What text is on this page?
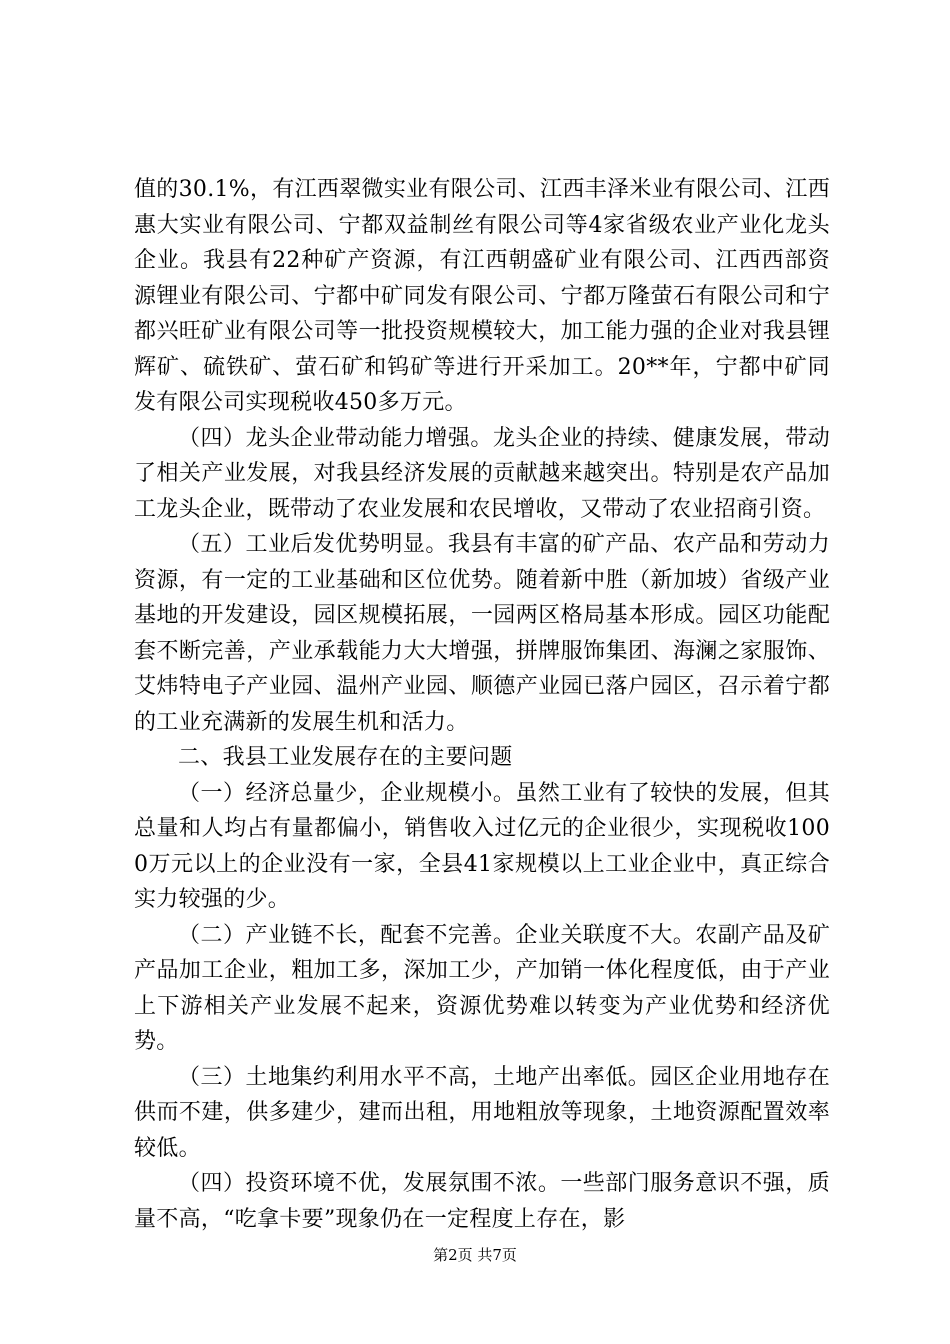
值的30.1%，有江西翠微实业有限公司、江西丰泽米业有限公司、江西惠大实业有限公司、宁都双益制丝有限公司等4家省级农业产业化龙头企业。我县有22种矿产资源，有江西朝盛矿业有限公司、江西西部资源锂业有限公司、宁都中矿同发有限公司、宁都万隆萤石有限公司和宁都兴旺矿业有限公司等一批投资规模较大，加工能力强的企业对我县锂辉矿、硫铁矿、萤石矿和钨矿等进行开采加工。20**年，宁都中矿同发有限公司实现税收450多万元。

（四）龙头企业带动能力增强。龙头企业的持续、健康发展，带动了相关产业发展，对我县经济发展的贡献越来越突出。特别是农产品加工龙头企业，既带动了农业发展和农民增收，又带动了农业招商引资。

（五）工业后发优势明显。我县有丰富的矿产品、农产品和劳动力资源，有一定的工业基础和区位优势。随着新中胜（新加坡）省级产业基地的开发建设，园区规模拓展，一园两区格局基本形成。园区功能配套不断完善，产业承载能力大大增强，拼牌服饰集团、海澜之家服饰、艾炜特电子产业园、温州产业园、顺德产业园已落户园区，召示着宁都的工业充满新的发展生机和活力。

二、我县工业发展存在的主要问题

（一）经济总量少，企业规模小。虽然工业有了较快的发展，但其总量和人均占有量都偏小，销售收入过亿元的企业很少，实现税收1000万元以上的企业没有一家，全县41家规模以上工业企业中，真正综合实力较强的少。

（二）产业链不长，配套不完善。企业关联度不大。农副产品及矿产品加工企业，粗加工多，深加工少，产加销一体化程度低，由于产业上下游相关产业发展不起来，资源优势难以转变为产业优势和经济优势。

（三）土地集约利用水平不高，土地产出率低。园区企业用地存在供而不建，供多建少，建而出租，用地粗放等现象，土地资源配置效率较低。

（四）投资环境不优，发展氛围不浓。一些部门服务意识不强，质量不高，“吃拿卡要”现象仍在一定程度上存在，影

第2页 共7页
